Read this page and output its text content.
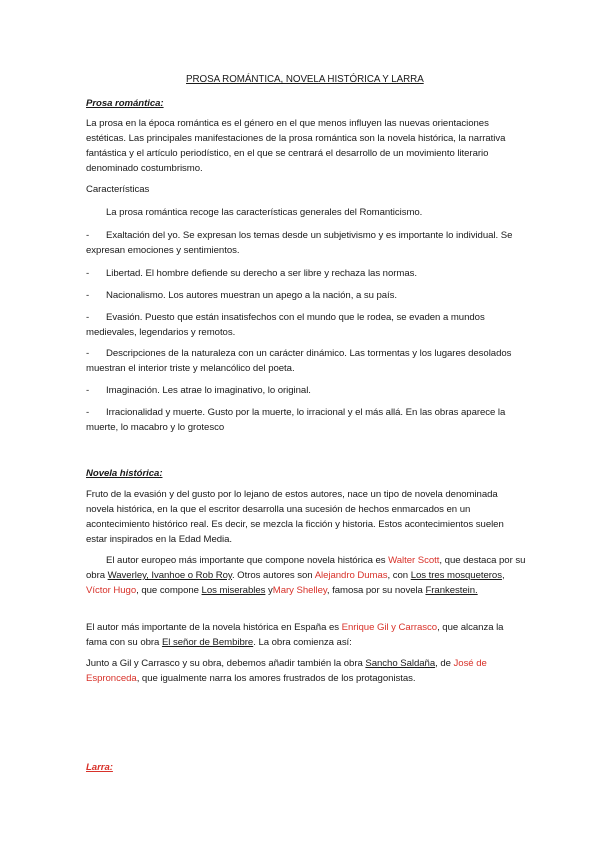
PROSA ROMÁNTICA, NOVELA HISTÓRICA Y LARRA
Prosa romántica:
La prosa en la época romántica es el género en el que menos influyen las nuevas orientaciones estéticas. Las principales manifestaciones de la prosa romántica son la novela histórica, la narrativa fantástica y el artículo periodístico, en el que se centrará el desarrollo de un movimiento literario denominado costumbrismo.
Características
La prosa romántica recoge las características generales del Romanticismo.
- Exaltación del yo. Se expresan los temas desde un subjetivismo y es importante lo individual. Se expresan emociones y sentimientos.
- Libertad. El hombre defiende su derecho a ser libre y rechaza las normas.
- Nacionalismo. Los autores muestran un apego a la nación, a su país.
- Evasión. Puesto que están insatisfechos con el mundo que le rodea, se evaden a mundos medievales, legendarios y remotos.
- Descripciones de la naturaleza con un carácter dinámico. Las tormentas y los lugares desolados muestran el interior triste y melancólico del poeta.
- Imaginación. Les atrae lo imaginativo, lo original.
- Irracionalidad y muerte. Gusto por la muerte, lo irracional y el más allá. En las obras aparece la muerte, lo macabro y lo grotesco
Novela histórica:
Fruto de la evasión y del gusto por lo lejano de estos autores, nace un tipo de novela denominada novela histórica, en la que el escritor desarrolla una sucesión de hechos enmarcados en un acontecimiento histórico real. Es decir, se mezcla la ficción y historia. Estos acontecimientos suelen estar inspirados en la Edad Media.
El autor europeo más importante que compone novela histórica es Walter Scott, que destaca por su obra Waverley, Ivanhoe o Rob Roy. Otros autores son Alejandro Dumas, con Los tres mosqueteros, Víctor Hugo, que compone Los miserables yMary Shelley, famosa por su novela Frankestein.
El autor más importante de la novela histórica en España es Enrique Gil y Carrasco, que alcanza la fama con su obra El señor de Bembibre. La obra comienza así:
Junto a Gil y Carrasco y su obra, debemos añadir también la obra Sancho Saldaña, de José de Espronceda, que igualmente narra los amores frustrados de los protagonistas.
Larra:
